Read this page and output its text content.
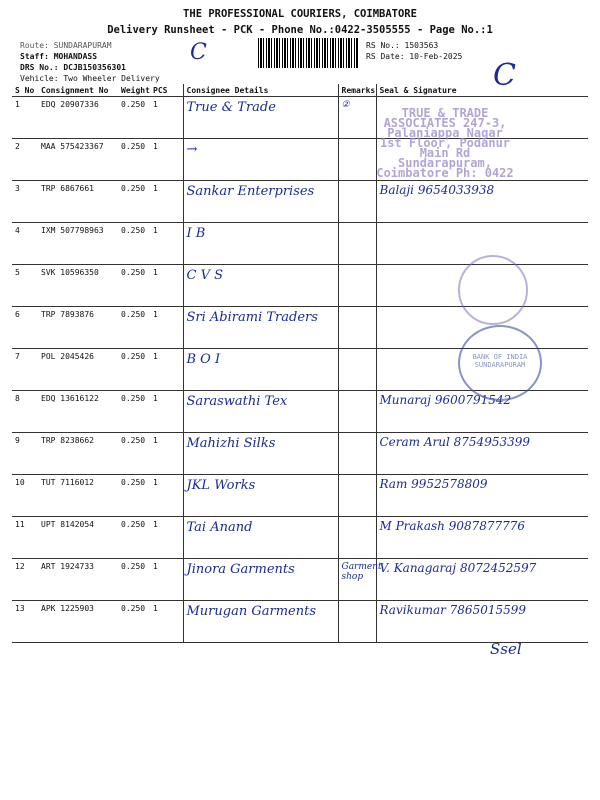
THE PROFESSIONAL COURIERS, COIMBATORE
Delivery Runsheet - PCK - Phone No.:0422-3505555 - Page No.:1
Route: SUNDARAPURAM
Staff: MOHANDASS
DRS No.: DCJB150356301
Vehicle: Two Wheeler Delivery
RS No.: 1503563
RS Date: 10-Feb-2025
C
C
S No	Consignment No	Weight	PCS	Consignee Details	Remarks	Seal & Signature
1	EDQ 20907336	0.250	1	True & Trade	②	
2	MAA 575423367	0.250	1	→		
3	TRP 6867661	0.250	1	Sankar Enterprises		Balaji 9654033938
4	IXM 507798963	0.250	1	I B		
5	SVK 10596350	0.250	1	C V S		
6	TRP 7893876	0.250	1	Sri Abirami Traders		
7	POL 2045426	0.250	1	B O I		
8	EDQ 13616122	0.250	1	Saraswathi Tex		Munaraj 9600791542
9	TRP 8238662	0.250	1	Mahizhi Silks		Ceram Arul 8754953399
10	TUT 7116012	0.250	1	JKL Works		Ram 9952578809
11	UPT 8142054	0.250	1	Tai Anand		M Prakash 9087877776
12	ART 1924733	0.250	1	Jinora Garments	Garment shop	V. Kanagaraj 8072452597
13	APK 1225903	0.250	1	Murugan Garments		Ravikumar 7865015599
TRUE & TRADE ASSOCIATES 247-3, Palaniappa Nagar 1st Floor, Podanur Main Rd Sundarapuram, Coimbatore Ph: 0422
BANK OF INDIA SUNDARAPURAM
Ssel
